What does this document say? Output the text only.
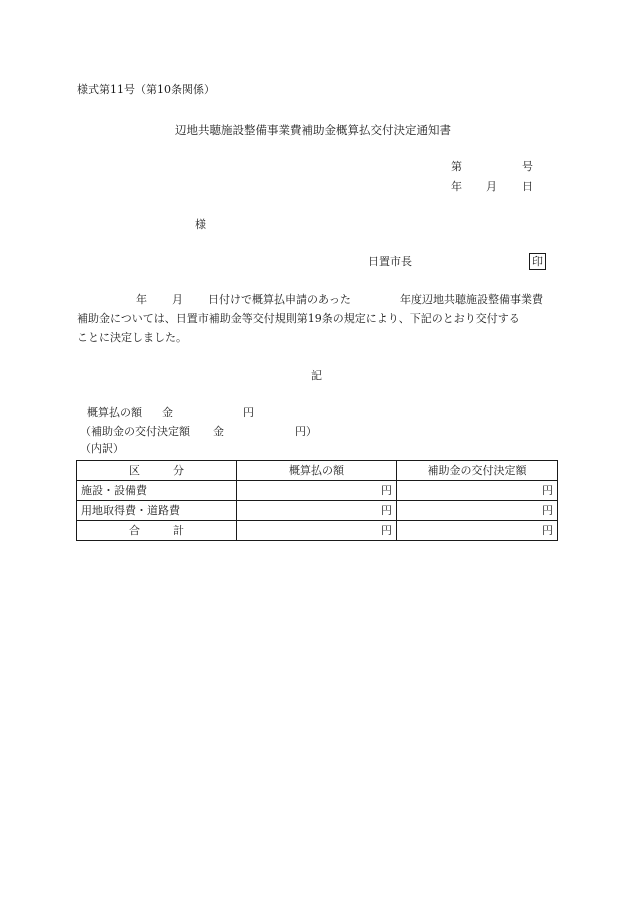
様式第11号（第10条関係）
辺地共聴施設整備事業費補助金概算払交付決定通知書
第	号
年 月 日
様
日置市長	印
年 月 日付けで概算払申請のあった	年度辺地共聴施設整備事業費
補助金については、日置市補助金等交付規則第19条の規定により、下記のとおり交付する
ことに決定しました。
記
概算払の額 金	円
（補助金の交付決定額 金	円）
（内訳）
区　　　分	概算払の額	補助金の交付決定額
施設・設備費	円	円
用地取得費・道路費	円	円
合　　　計	円	円
